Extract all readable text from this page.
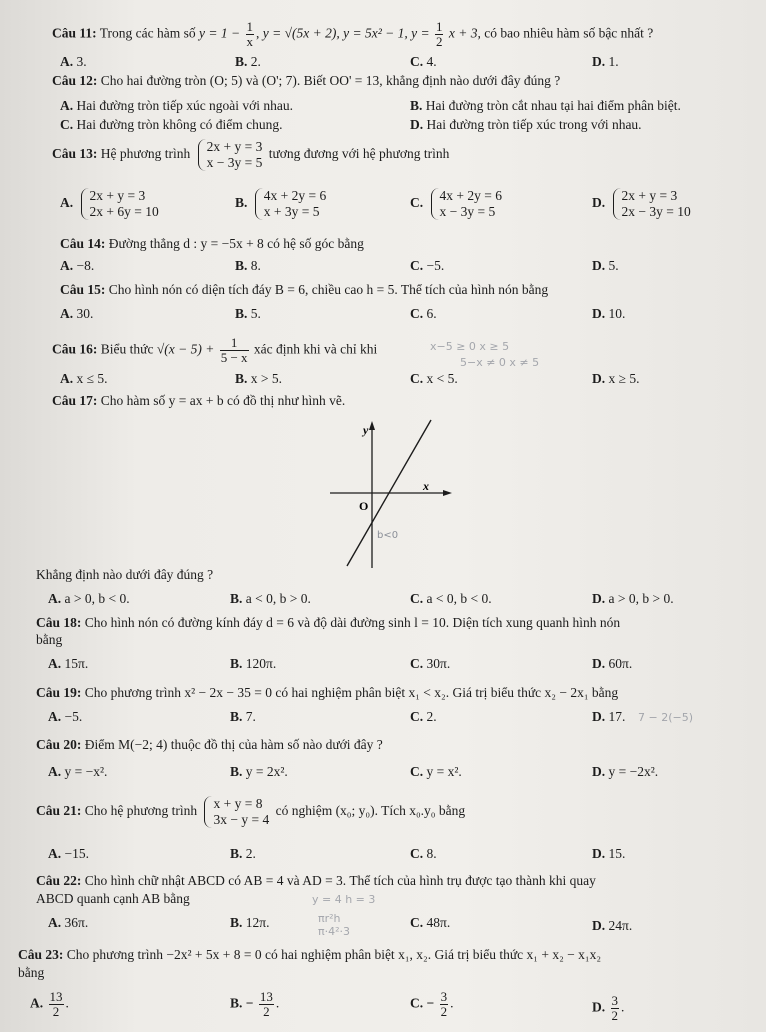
Câu 11: Trong các hàm số $y = 1 - \frac{1}{x}$ , y = √(5x + 2), y = 5x² − 1, $y = \frac{1}{2}$ x + 3, có bao nhiêu hàm số bậc nhất ?
A. 3.	B. 2.	C. 4.	D. 1.
Câu 12: Cho hai đường tròn (O; 5) và (O'; 7). Biết OO' = 13, khẳng định nào dưới đây đúng ?
A. Hai đường tròn tiếp xúc ngoài với nhau.	B. Hai đường tròn cắt nhau tại hai điểm phân biệt.
C. Hai đường tròn không có điểm chung.	D. Hai đường tròn tiếp xúc trong với nhau.
Câu 13: Hệ phương trình 2x + y = 3
x − 3y = 5
tương đương với hệ phương trình
A. 2x + y = 3
2x + 6y = 10
B. 4x + 2y = 6
x + 3y = 5
C. 4x + 2y = 6
x − 3y = 5
D. 2x + y = 3
2x − 3y = 10
Câu 14: Đường thẳng d : y = −5x + 8 có hệ số góc bằng
A. −8.	B. 8.	C. −5.	D. 5.
Câu 15: Cho hình nón có diện tích đáy B = 6, chiều cao h = 5. Thể tích của hình nón bằng
A. 30.	B. 5.	C. 6.	D. 10.
Câu 16: Biểu thức $√(x - 5) + \frac{1}{5 - x}$ xác định khi và chỉ khi
A. x ≤ 5.	B. x > 5.	C. x < 5.	D. x ≥ 5.
x−5 ≥ 0 x ≥ 5
5−x ≠ 0 x ≠ 5
Câu 17: Cho hàm số y = ax + b có đồ thị như hình vẽ.
y
x
O
b<0
Khẳng định nào dưới đây đúng ?
A. a > 0, b < 0.	B. a < 0, b > 0.	C. a < 0, b < 0.	D. a > 0, b > 0.
Câu 18: Cho hình nón có đường kính đáy d = 6 và độ dài đường sinh l = 10. Diện tích xung quanh hình nón
bằng
A. 15π.	B. 120π.	C. 30π.	D. 60π.
Câu 19: Cho phương trình x² − 2x − 35 = 0 có hai nghiệm phân biệt x₁ < x₂. Giá trị biểu thức x₂ − 2x₁ bằng
A. −5.	B. 7.	C. 2.	D. 17. 7 − 2(−5)
Câu 20: Điểm M(−2; 4) thuộc đồ thị của hàm số nào dưới đây ?
A. y = −x².	B. y = 2x².	C. y = x².	D. y = −2x².
Câu 21: Cho hệ phương trình x + y = 8
3x − y = 4
có nghiệm (x₀; y₀). Tích x₀.y₀ bằng
A. −15.	B. 2.	C. 8.	D. 15.
Câu 22: Cho hình chữ nhật ABCD có AB = 4 và AD = 3. Thể tích của hình trụ được tạo thành khi quay
ABCD quanh cạnh AB bằng	y = 4 h = 3
A. 36π.	B. 12π.	πr²h
π·4²·3
C. 48π.	D. 24π.
Câu 23: Cho phương trình −2x² + 5x + 8 = 0 có hai nghiệm phân biệt x₁, x₂. Giá trị biểu thức x₁ + x₂ − x₁x₂
bằng
A. $\frac{13}{2}$ .	B. − $\frac{13}{2}$ .	C. − $\frac{3}{2}$ .	D. $\frac{3}{2}$ .
